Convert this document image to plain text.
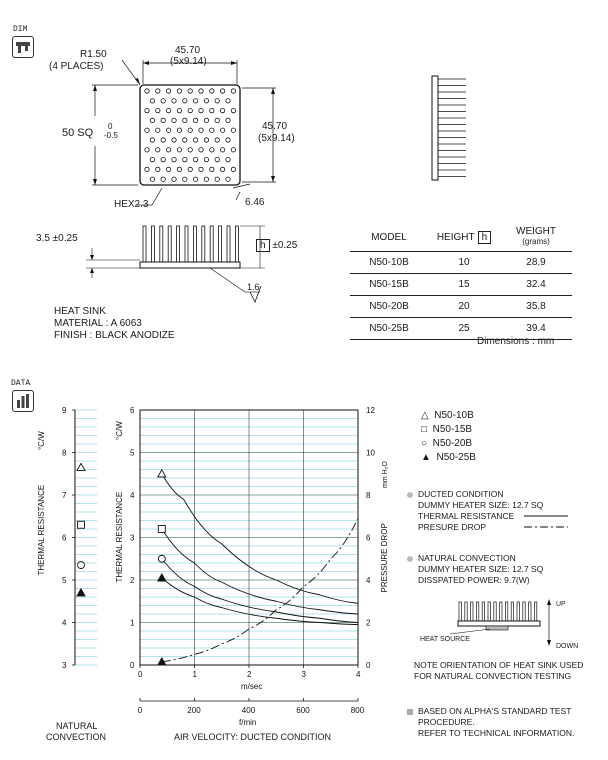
DIM
R1.50
(4 PLACES)
45.70
(5x9.14)
45.70
(5x9.14)
50 SQ
0
-0.5
HEX2.3	6.46
3.5 ±0.25
h ±0.25
1.6
HEAT SINK
MATERIAL : A 6063
FINISH : BLACK ANODIZE
MODEL	HEIGHT h	WEIGHT
(grams)

N50-10B	10	28.9
N50-15B	15	32.4
N50-20B	20	35.8
N50-25B	25	39.4
Dimensions : mm
DATA
3
4
5
6
7
8
9
THERMAL RESISTANCE
°C/W
0
1
2
3
4
5
6
0
2
4
6
8
10
12
0	1	2	3	4
m/sec
0	200	400	600	800
f/min
THERMAL RESISTANCE
°C/W
PRESSURE DROP
mm H₂O
NATURAL
CONVECTION	AIR VELOCITY: DUCTED CONDITION
△ N50-10B
□ N50-15B
○ N50-20B
▲ N50-25B
DUCTED CONDITION
DUMMY HEATER SIZE: 12.7 SQ
THERMAL RESISTANCE
PRESURE DROP
NATURAL CONVECTION
DUMMY HEATER SIZE: 12.7 SQ
DISSPATED POWER: 9.7(W)
UP
DOWN
HEAT SOURCE
NOTE ORIENTATION OF HEAT SINK USED
FOR NATURAL CONVECTION TESTING
BASED ON ALPHA'S STANDARD TEST
PROCEDURE.
REFER TO TECHNICAL INFORMATION.
